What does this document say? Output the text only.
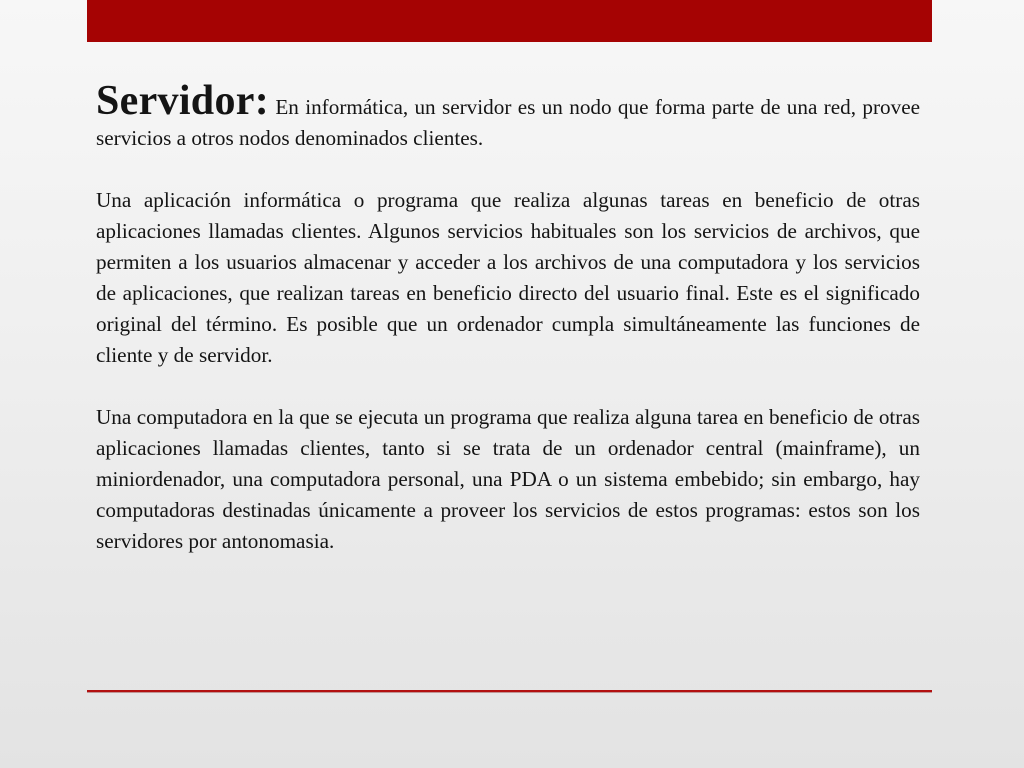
Servidor: En informática, un servidor es un nodo que forma parte de una red, provee servicios a otros nodos denominados clientes.

Una aplicación informática o programa que realiza algunas tareas en beneficio de otras aplicaciones llamadas clientes. Algunos servicios habituales son los servicios de archivos, que permiten a los usuarios almacenar y acceder a los archivos de una computadora y los servicios de aplicaciones, que realizan tareas en beneficio directo del usuario final. Este es el significado original del término. Es posible que un ordenador cumpla simultáneamente las funciones de cliente y de servidor.

Una computadora en la que se ejecuta un programa que realiza alguna tarea en beneficio de otras aplicaciones llamadas clientes, tanto si se trata de un ordenador central (mainframe), un miniordenador, una computadora personal, una PDA o un sistema embebido; sin embargo, hay computadoras destinadas únicamente a proveer los servicios de estos programas: estos son los servidores por antonomasia.
